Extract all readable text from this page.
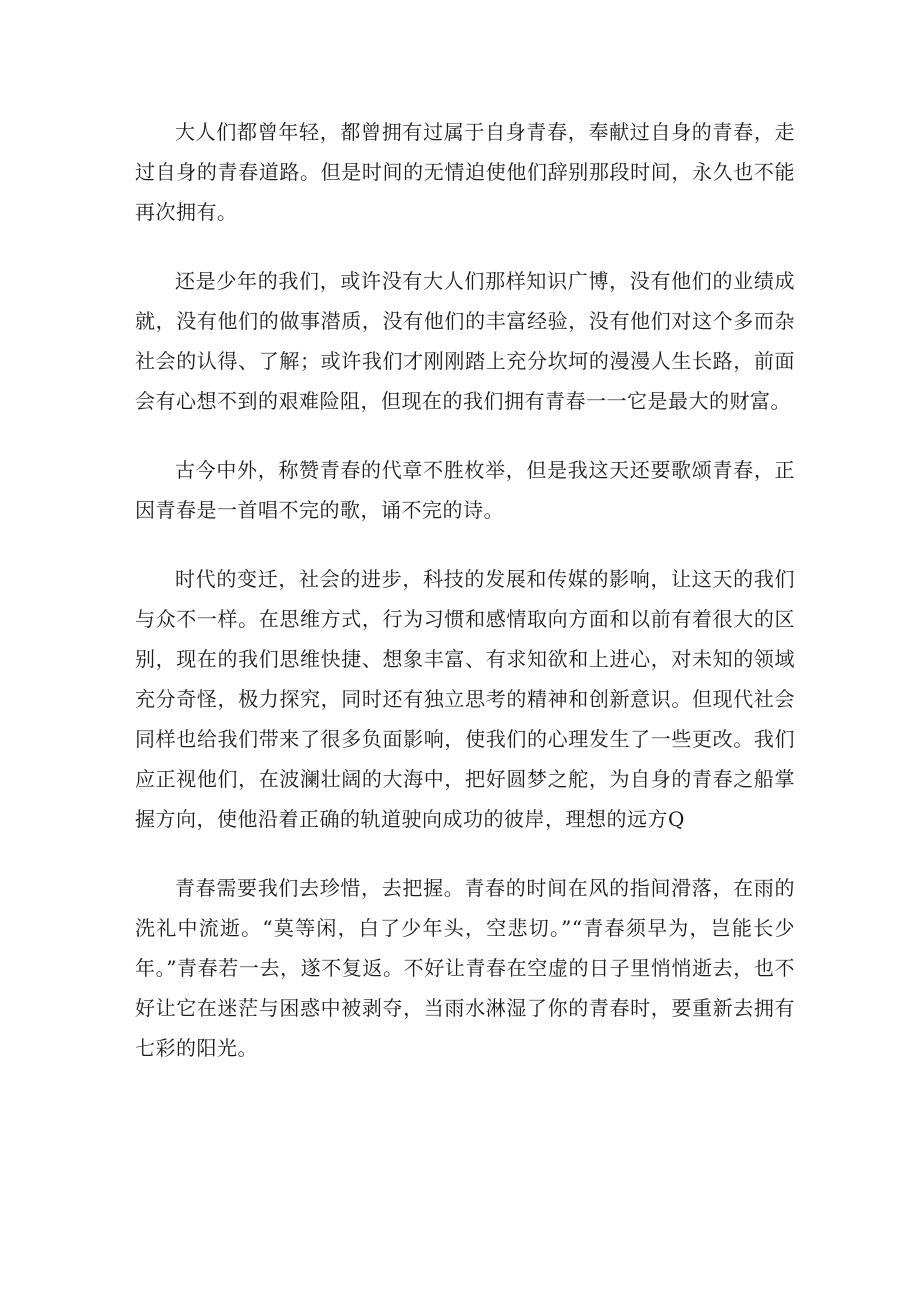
大人们都曾年轻，都曾拥有过属于自身青春，奉献过自身的青春，走过自身的青春道路。但是时间的无情迫使他们辞别那段时间，永久也不能再次拥有。

还是少年的我们，或许没有大人们那样知识广博，没有他们的业绩成就，没有他们的做事潜质，没有他们的丰富经验，没有他们对这个多而杂社会的认得、了解；或许我们才刚刚踏上充分坎坷的漫漫人生长路，前面会有心想不到的艰难险阻，但现在的我们拥有青春一一它是最大的财富。

古今中外，称赞青春的代章不胜枚举，但是我这天还要歌颂青春，正因青春是一首唱不完的歌，诵不完的诗。

时代的变迁，社会的进步，科技的发展和传媒的影响，让这天的我们与众不一样。在思维方式，行为习惯和感情取向方面和以前有着很大的区别，现在的我们思维快捷、想象丰富、有求知欲和上进心，对未知的领域充分奇怪，极力探究，同时还有独立思考的精神和创新意识。但现代社会同样也给我们带来了很多负面影响，使我们的心理发生了一些更改。我们应正视他们，在波澜壮阔的大海中，把好圆梦之舵，为自身的青春之船掌握方向，使他沿着正确的轨道驶向成功的彼岸，理想的远方Q

青春需要我们去珍惜，去把握。青春的时间在风的指间滑落，在雨的洗礼中流逝。“莫等闲，白了少年头，空悲切。”“青春须早为，岂能长少年。”青春若一去，遂不复返。不好让青春在空虚的日子里悄悄逝去，也不好让它在迷茫与困惑中被剥夺，当雨水淋湿了你的青春时，要重新去拥有七彩的阳光。
